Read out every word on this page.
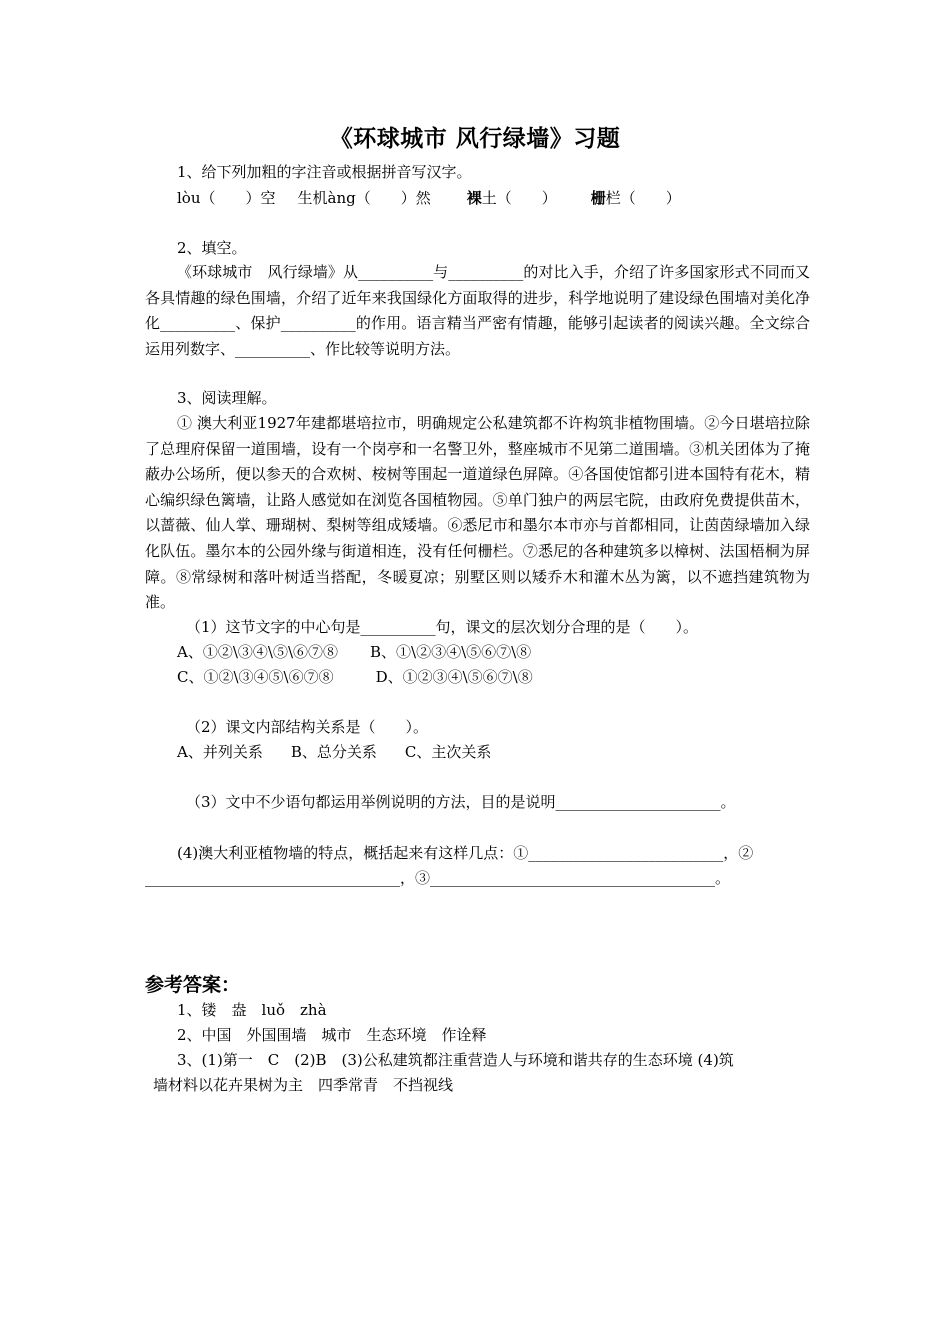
《环球城市 风行绿墙》习题
1、给下列加粗的字注音或根据拼音写汉字。
lòu（　　）空 生机àng（　　）然 裸土（　　） 栅栏（　　）
2、填空。
《环球城市　风行绿墙》从__________与__________的对比入手，介绍了许多国家形式不同而又各具情趣的绿色围墙，介绍了近年来我国绿化方面取得的进步，科学地说明了建设绿色围墙对美化净化__________、保护__________的作用。语言精当严密有情趣，能够引起读者的阅读兴趣。全文综合运用列数字、__________、作比较等说明方法。
3、阅读理解。
① 澳大利亚1927年建都堪培拉市，明确规定公私建筑都不许构筑非植物围墙。②今日堪培拉除了总理府保留一道围墙，设有一个岗亭和一名警卫外，整座城市不见第二道围墙。③机关团体为了掩蔽办公场所，便以参天的合欢树、桉树等围起一道道绿色屏障。④各国使馆都引进本国特有花木，精心编织绿色篱墙，让路人感觉如在浏览各国植物园。⑤单门独户的两层宅院，由政府免费提供苗木，以蔷薇、仙人掌、珊瑚树、梨树等组成矮墙。⑥悉尼市和墨尔本市亦与首都相同，让茵茵绿墙加入绿化队伍。墨尔本的公园外缘与街道相连，没有任何栅栏。⑦悉尼的各种建筑多以樟树、法国梧桐为屏障。⑧常绿树和落叶树适当搭配，冬暖夏凉；别墅区则以矮乔木和灌木丛为篱，以不遮挡建筑物为准。
（1）这节文字的中心句是__________句，课文的层次划分合理的是（　　）。
A、①②\③④\⑤\⑥⑦⑧ B、①\②③④\⑤⑥⑦\⑧
C、①②\③④⑤\⑥⑦⑧	D、①②③④\⑤⑥⑦\⑧
（2）课文内部结构关系是（　　）。
A、并列关系 B、总分关系 C、主次关系
（3）文中不少语句都运用举例说明的方法，目的是说明______________________。
(4)澳大利亚植物墙的特点，概括起来有这样几点：①__________________________，②
__________________________________，③______________________________________。
参考答案：
1、镂　盎　luǒ　zhà
2、中国　外国围墙　城市　生态环境　作诠释
3、(1)第一　C　(2)B　(3)公私建筑都注重营造人与环境和谐共存的生态环境 (4)筑
墙材料以花卉果树为主　四季常青　不挡视线
